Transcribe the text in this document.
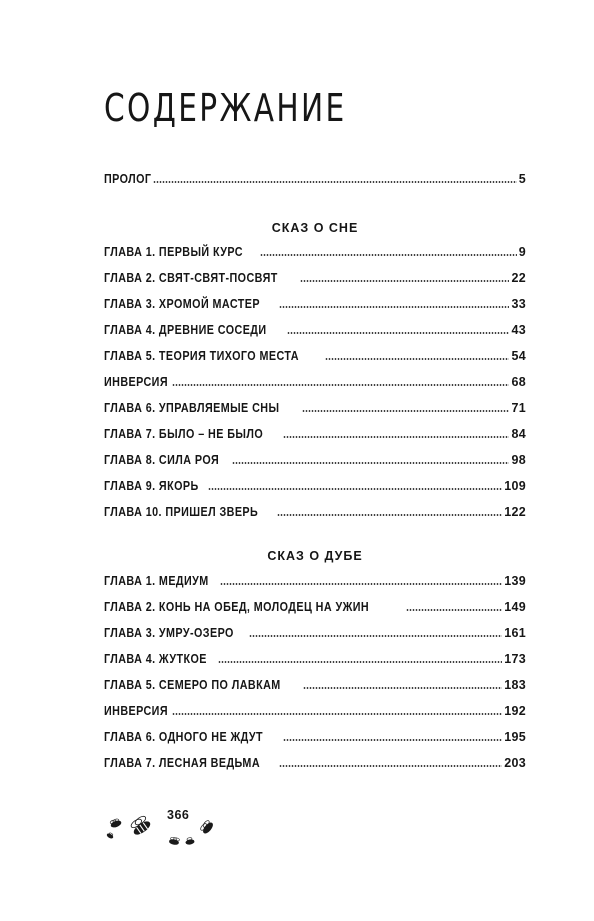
СОДЕРЖАНИЕ
ПРОЛОГ	5
СКАЗ О СНЕ
ГЛАВА 1. ПЕРВЫЙ КУРС	9
ГЛАВА 2. СВЯТ-СВЯТ-ПОСВЯТ	22
ГЛАВА 3. ХРОМОЙ МАСТЕР	33
ГЛАВА 4. ДРЕВНИЕ СОСЕДИ	43
ГЛАВА 5. ТЕОРИЯ ТИХОГО МЕСТА	54
ИНВЕРСИЯ	68
ГЛАВА 6. УПРАВЛЯЕМЫЕ СНЫ	71
ГЛАВА 7. БЫЛО – НЕ БЫЛО	84
ГЛАВА 8. СИЛА РОЯ	98
ГЛАВА 9. ЯКОРЬ	109
ГЛАВА 10. ПРИШЕЛ ЗВЕРЬ	122
СКАЗ О ДУБЕ
ГЛАВА 1. МЕДИУМ	139
ГЛАВА 2. КОНЬ НА ОБЕД, МОЛОДЕЦ НА УЖИН	149
ГЛАВА 3. УМРУ-ОЗЕРО	161
ГЛАВА 4. ЖУТКОЕ	173
ГЛАВА 5. СЕМЕРО ПО ЛАВКАМ	183
ИНВЕРСИЯ	192
ГЛАВА 6. ОДНОГО НЕ ЖДУТ	195
ГЛАВА 7. ЛЕСНАЯ ВЕДЬМА	203
366
